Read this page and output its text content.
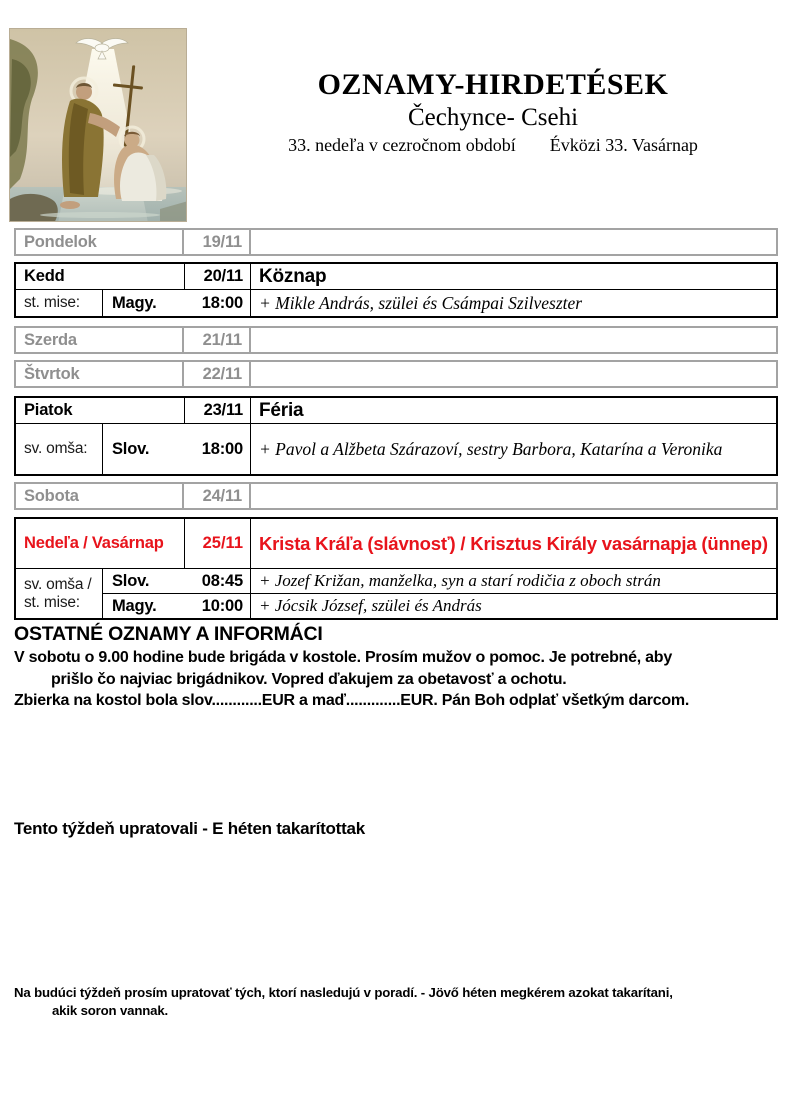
OZNAMY-HIRDETÉSEK
Čechynce- Csehi
33. nedeľa v cezročnom období Évközi 33. Vasárnap
Pondelok	19/11
Kedd	20/11 Köznap
st. mise:	Magy.	18:00 + Mikle András, szülei és Csámpai Szilveszter
Szerda	21/11
Štvrtok	22/11
Piatok	23/11 Féria
sv. omša:	Slov.	18:00 + Pavol a Alžbeta Szárazoví, sestry Barbora, Katarína a Veronika
Sobota	24/11
Nedeľa / Vasárnap	25/11 Krista Kráľa (slávnosť) / Krisztus Király vasárnapja (ünnep)
sv. omša / st. mise:
Slov.	08:45 + Jozef Križan, manželka, syn a starí rodičia z oboch strán
Magy.	10:00 + Jócsik József, szülei és András
OSTATNÉ OZNAMY A INFORMÁCI
V sobotu o 9.00 hodine bude brigáda v kostole. Prosím mužov o pomoc. Je potrebné, aby
prišlo čo najviac brigádnikov. Vopred ďakujem za obetavosť a ochotu.
Zbierka na kostol bola slov............EUR a maď.............EUR. Pán Boh odplať všetkým darcom.
Tento týždeň upratovali - E héten takarítottak
Na budúci týždeň prosím upratovať tých, ktorí nasledujú v poradí. - Jövő héten megkérem azokat takarítani,
akik soron vannak.
